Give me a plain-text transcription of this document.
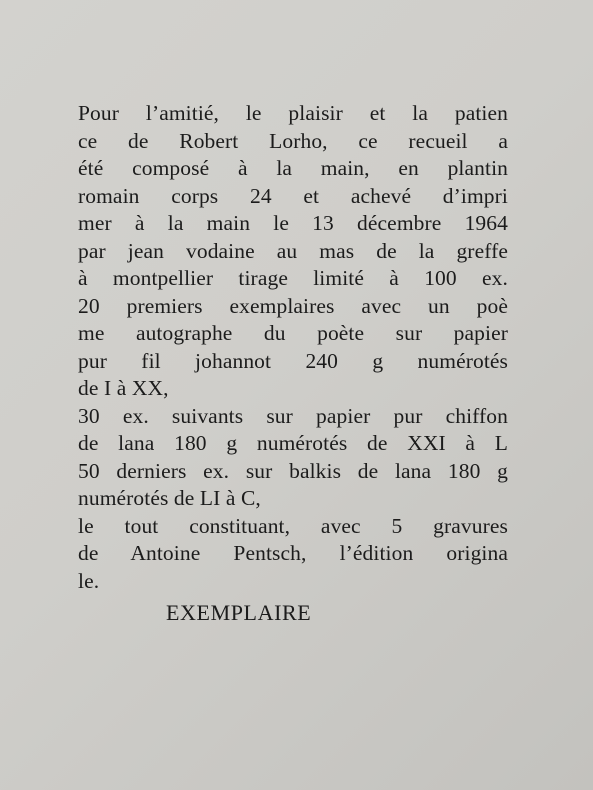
Pour l’amitié, le plaisir et la patien
ce de Robert Lorho, ce recueil a
été composé à la main, en plantin
romain corps 24 et achevé d’impri
mer à la main le 13 décembre 1964
par jean vodaine au mas de la greffe
à montpellier tirage limité à 100 ex.
20 premiers exemplaires avec un poè
me autographe du poète sur papier
pur fil johannot 240 g numérotés
de I à XX,
30 ex. suivants sur papier pur chiffon
de lana 180 g numérotés de XXI à L
50 derniers ex. sur balkis de lana 180 g
numérotés de LI à C,
le tout constituant, avec 5 gravures
de Antoine Pentsch, l’édition origina
le.
EXEMPLAIRE
